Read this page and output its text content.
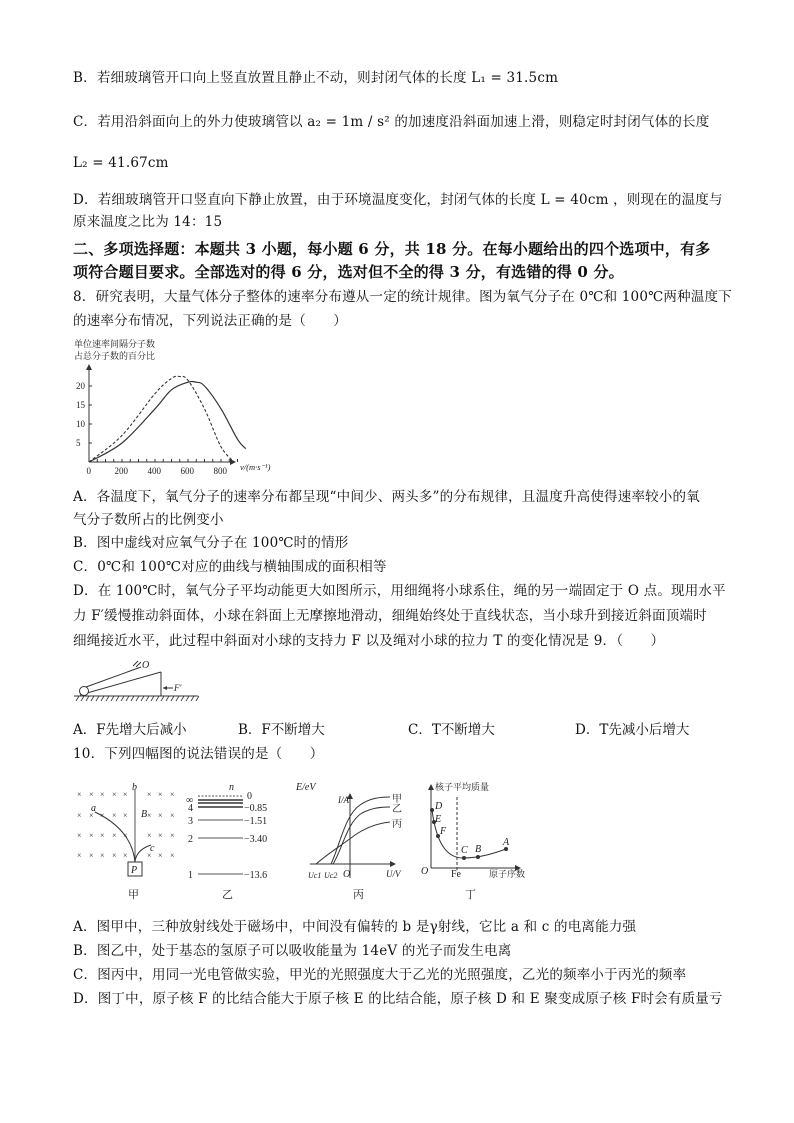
B．若细玻璃管开口向上竖直放置且静止不动，则封闭气体的长度 L₁ = 31.5cm
C．若用沿斜面向上的外力使玻璃管以 a₂ = 1m / s² 的加速度沿斜面加速上滑，则稳定时封闭气体的长度
L₂ = 41.67cm
D．若细玻璃管开口竖直向下静止放置，由于环境温度变化，封闭气体的长度 L = 40cm ，则现在的温度与
原来温度之比为 14：15
二、多项选择题：本题共 3 小题，每小题 6 分，共 18 分。在每小题给出的四个选项中，有多
项符合题目要求。全部选对的得 6 分，选对但不全的得 3 分，有选错的得 0 分。
8．研究表明，大量气体分子整体的速率分布遵从一定的统计规律。图为氧气分子在 0℃和 100℃两种温度下
的速率分布情况，下列说法正确的是（　　）
单位速率间隔分子数
占总分子数的百分比
5
10
15
20
0	200 400 600 800 v/(m·s⁻¹)
A．各温度下，氧气分子的速率分布都呈现“中间少、两头多”的分布规律，且温度升高使得速率较小的氧
气分子数所占的比例变小
B．图中虚线对应氧气分子在 100℃时的情形
C．0℃和 100℃对应的曲线与横轴围成的面积相等
D．在 100℃时，氧气分子平均动能更大如图所示，用细绳将小球系住，绳的另一端固定于 O 点。现用水平
力 F′缓慢推动斜面体，小球在斜面上无摩擦地滑动，细绳始终处于直线状态，当小球升到接近斜面顶端时
细绳接近水平，此过程中斜面对小球的支持力 F 以及绳对小球的拉力 T 的变化情况是 9．（　　）
O
F′
A．F先增大后减小	B．F不断增大	C．T不断增大	D．T先减小后增大
10．下列四幅图的说法错误的是（　　）
× × × × × × × ×
× × × × × × × ×
× × × × × × × ×
× × × × × × × ×
P
b
a
B
c
甲
n	E/eV
∞
4
3
2
1
0
−0.85
−1.51
−3.40
−13.6
乙
I/A
U/V
O
Uc1 Uc2
甲
乙
丙
丙
核子平均质量
原子序数
O Fe
D
E
F
C B
A
丁
A．图甲中，三种放射线处于磁场中，中间没有偏转的 b 是γ射线，它比 a 和 c 的电离能力强
B．图乙中，处于基态的氢原子可以吸收能量为 14eV 的光子而发生电离
C．图丙中，用同一光电管做实验，甲光的光照强度大于乙光的光照强度，乙光的频率小于丙光的频率
D．图丁中，原子核 F 的比结合能大于原子核 E 的比结合能，原子核 D 和 E 聚变成原子核 F时会有质量亏
